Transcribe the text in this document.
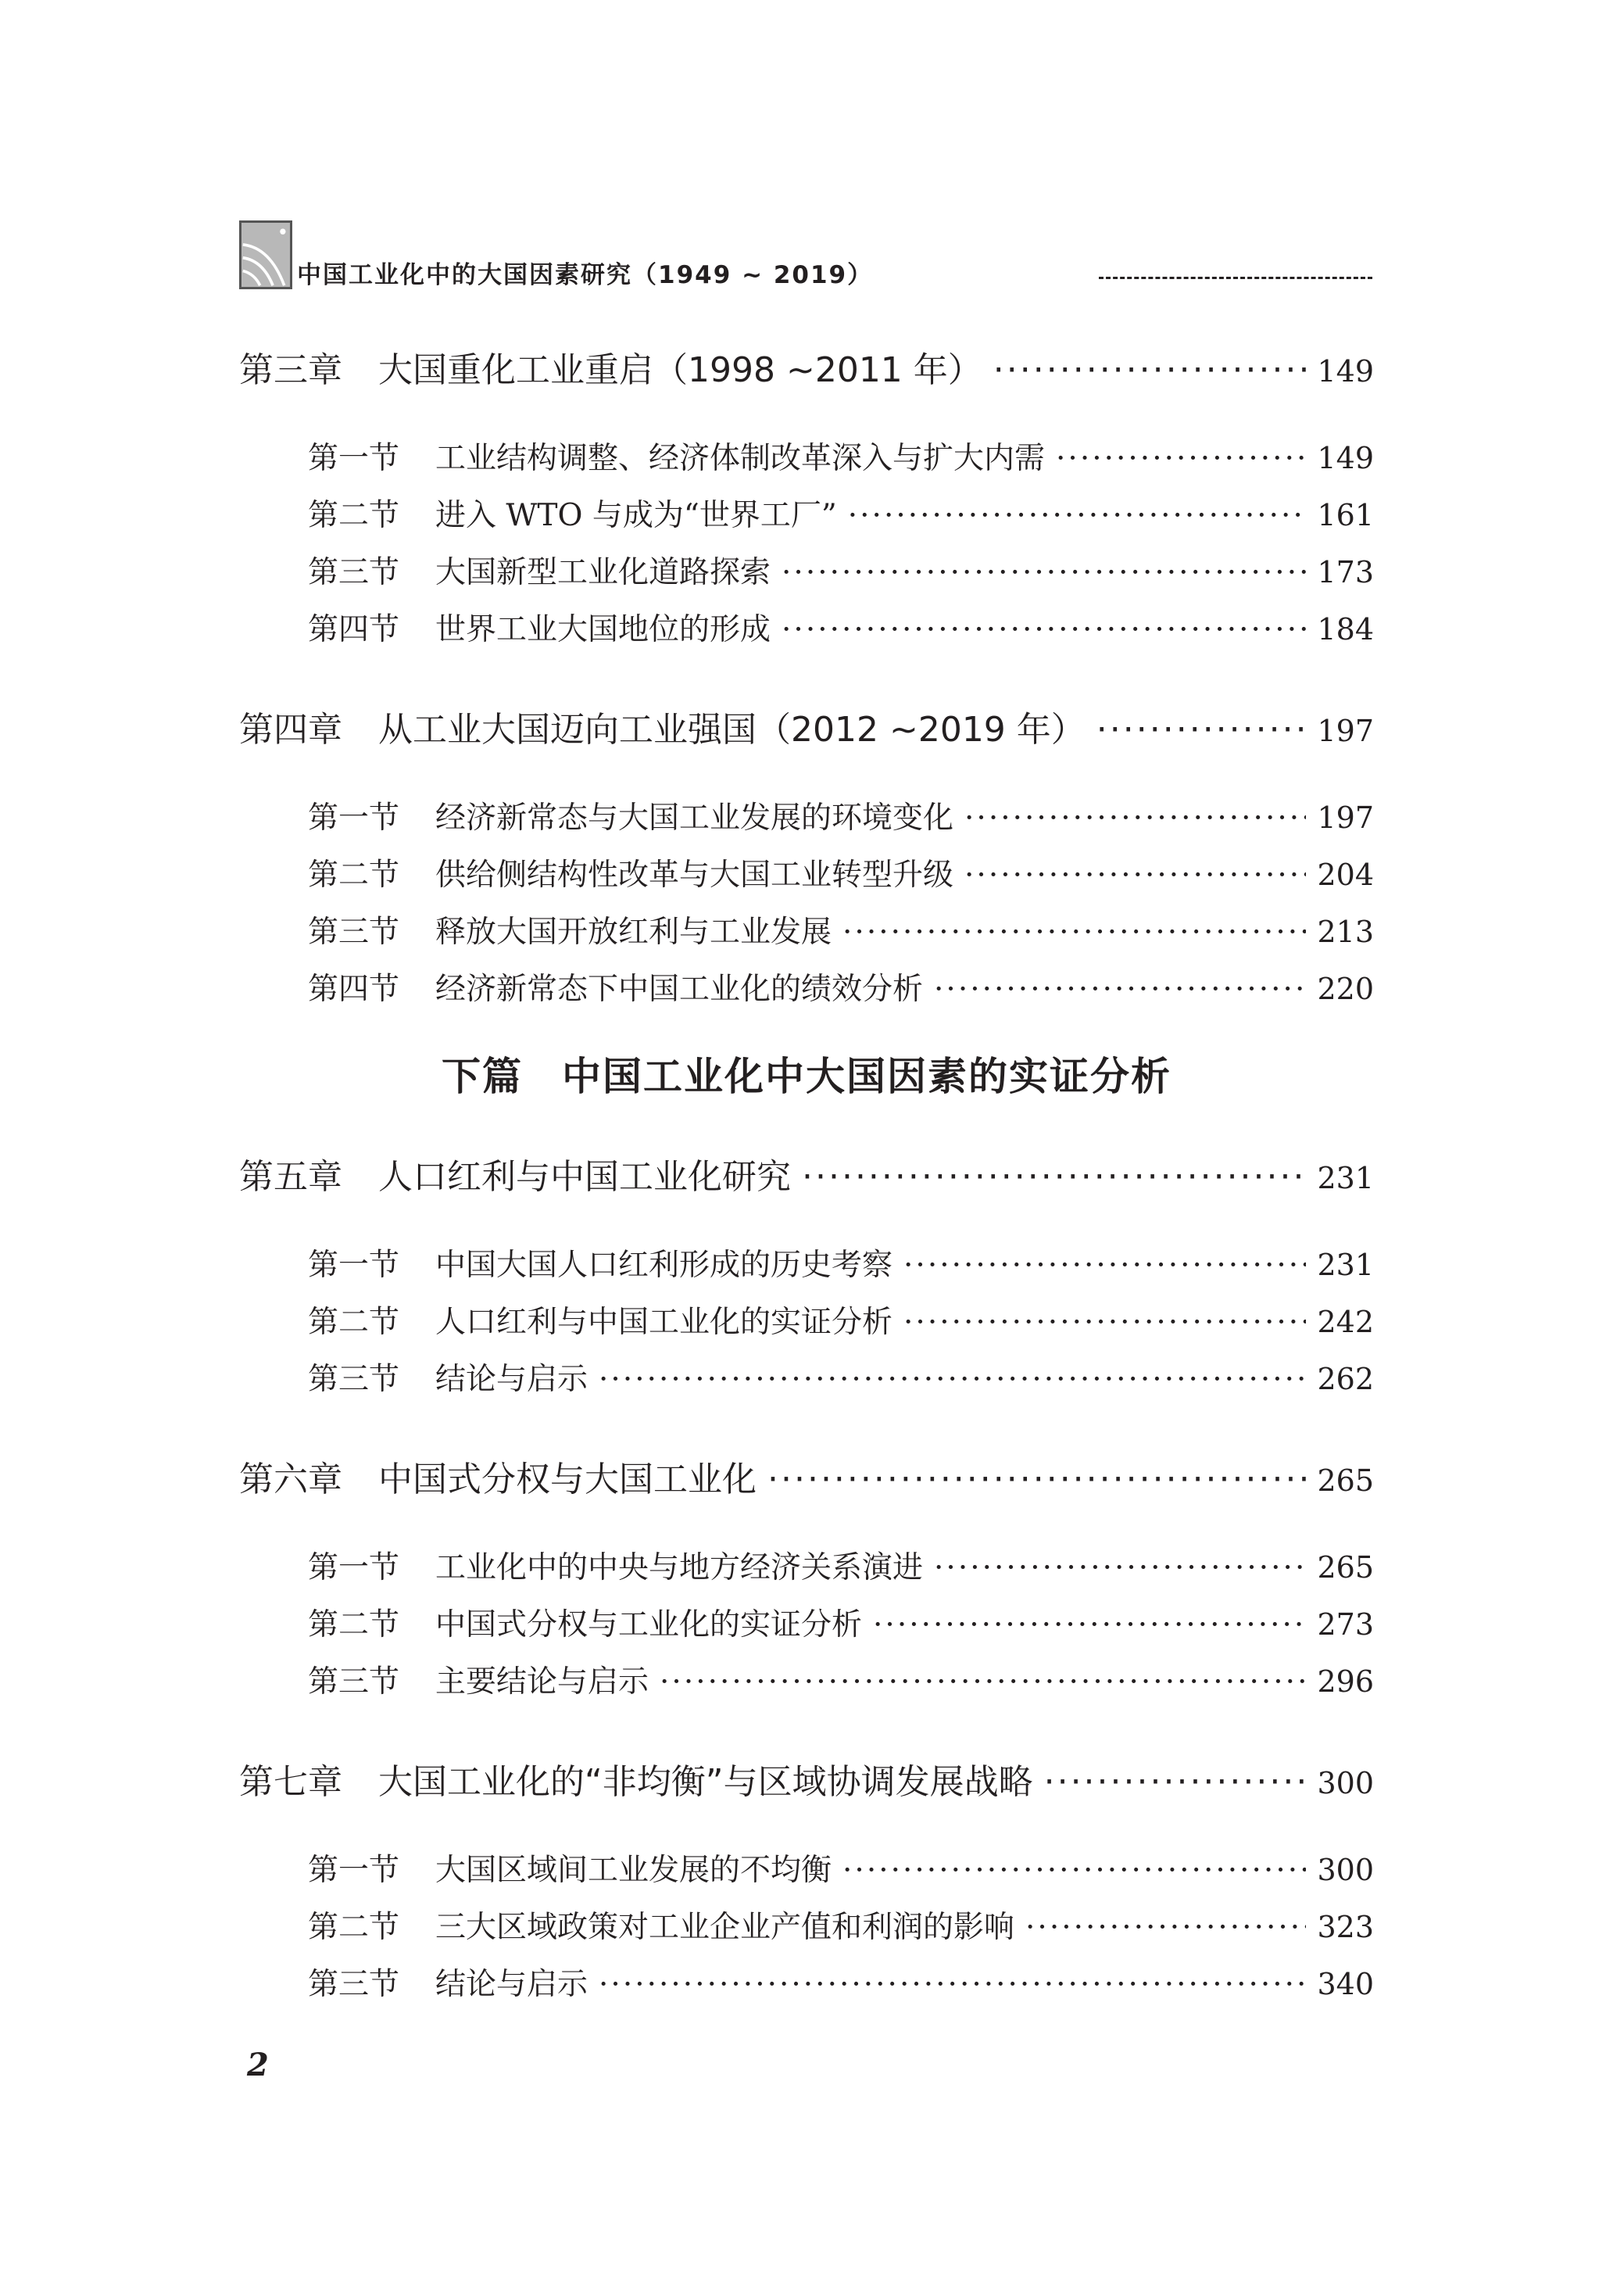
中国工业化中的大国因素研究（1949 ~ 2019）
第三章 大国重化工业重启（1998 ~2011 年） ·····	149
第一节 工业结构调整、经济体制改革深入与扩大内需 ·····	149
第二节 进入 WTO 与成为“世界工厂” ·····	161
第三节 大国新型工业化道路探索 ·····	173
第四节 世界工业大国地位的形成 ·····	184
第四章 从工业大国迈向工业强国（2012 ~2019 年） ·····	197
第一节 经济新常态与大国工业发展的环境变化 ·····	197
第二节 供给侧结构性改革与大国工业转型升级 ·····	204
第三节 释放大国开放红利与工业发展 ·····	213
第四节 经济新常态下中国工业化的绩效分析 ·····	220
下篇 中国工业化中大国因素的实证分析
第五章 人口红利与中国工业化研究 ·····	231
第一节 中国大国人口红利形成的历史考察 ·····	231
第二节 人口红利与中国工业化的实证分析 ·····	242
第三节 结论与启示 ·····	262
第六章 中国式分权与大国工业化 ·····	265
第一节 工业化中的中央与地方经济关系演进 ·····	265
第二节 中国式分权与工业化的实证分析 ·····	273
第三节 主要结论与启示 ·····	296
第七章 大国工业化的“非均衡”与区域协调发展战略 ·····	300
第一节 大国区域间工业发展的不均衡 ·····	300
第二节 三大区域政策对工业企业产值和利润的影响 ·····	323
第三节 结论与启示 ·····	340
2
